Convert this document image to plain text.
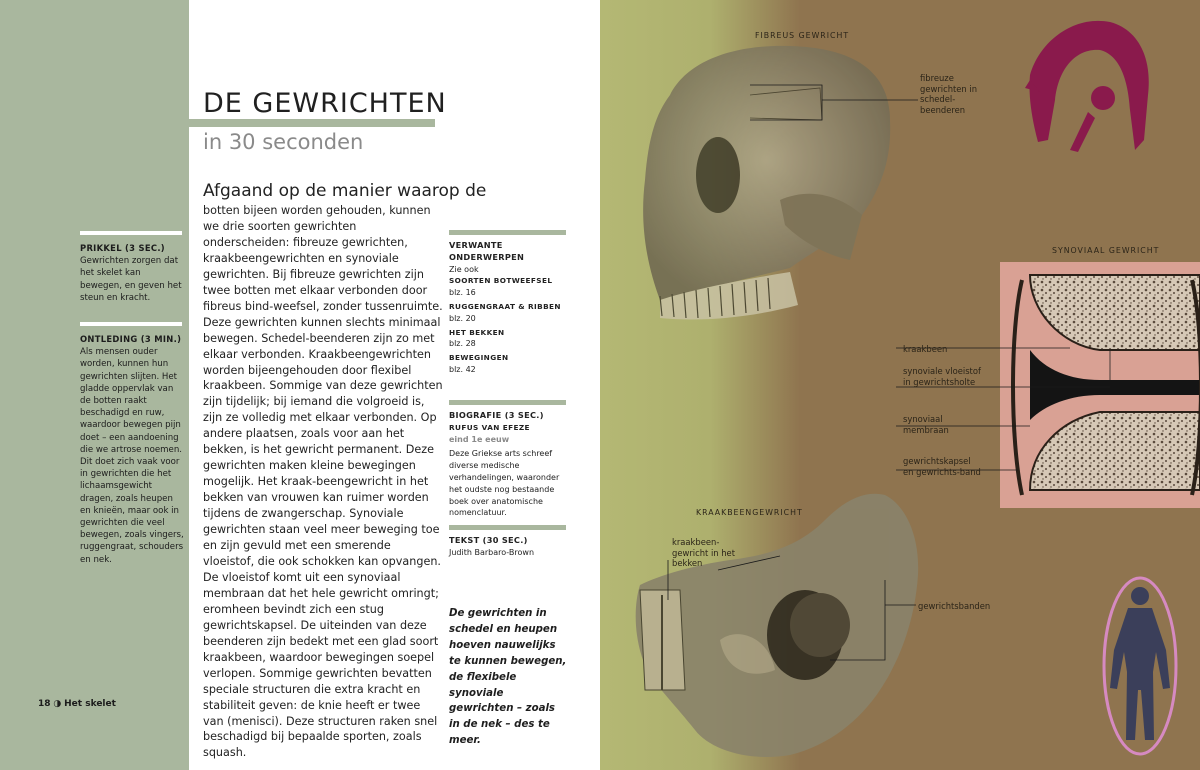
PRIKKEL (3 SEC.)
Gewrichten zorgen dat het skelet kan bewegen, en geven het steun en kracht.
ONTLEDING (3 MIN.)
Als mensen ouder worden, kunnen hun gewrichten slijten. Het gladde oppervlak van de botten raakt beschadigd en ruw, waardoor bewegen pijn doet – een aandoening die we artrose noemen. Dit doet zich vaak voor in gewrichten die het lichaamsgewicht dragen, zoals heupen en knieën, maar ook in gewrichten die veel bewegen, zoals vingers, ruggengraat, schouders en nek.
18 ◑ Het skelet
DE GEWRICHTEN

in 30 seconden

Afgaand op de manier waarop de

botten bijeen worden gehouden, kunnen we drie soorten gewrichten onderscheiden: fibreuze gewrichten, kraakbeengewrichten en synoviale gewrichten. Bij fibreuze gewrichten zijn twee botten met elkaar verbonden door fibreus bind-weefsel, zonder tussenruimte. Deze gewrichten kunnen slechts minimaal bewegen. Schedel-beenderen zijn zo met elkaar verbonden. Kraakbeengewrichten worden bijeengehouden door flexibel kraakbeen. Sommige van deze gewrichten zijn tijdelijk; bij iemand die volgroeid is, zijn ze volledig met elkaar verbonden. Op andere plaatsen, zoals voor aan het bekken, is het gewricht permanent. Deze gewrichten maken kleine bewegingen mogelijk. Het kraak-beengewricht in het bekken van vrouwen kan ruimer worden tijdens de zwangerschap. Synoviale gewrichten staan veel meer beweging toe en zijn gevuld met een smerende vloeistof, die ook schokken kan opvangen. De vloeistof komt uit een synoviaal membraan dat het hele gewricht omringt; eromheen bevindt zich een stug gewrichtskapsel. De uiteinden van deze beenderen zijn bedekt met een glad soort kraakbeen, waardoor bewegingen soepel verlopen. Sommige gewrichten bevatten speciale structuren die extra kracht en stabiliteit geven: de knie heeft er twee van (menisci). Deze structuren raken snel beschadigd bij bepaalde sporten, zoals squash.

VERWANTE ONDERWERPEN
Zie ook
SOORTEN BOTWEEFSEL
blz. 16
RUGGENGRAAT & RIBBEN
blz. 20
HET BEKKEN
blz. 28
BEWEGINGEN
blz. 42
BIOGRAFIE (3 SEC.)
RUFUS VAN EFEZE
eind 1e eeuw
Deze Griekse arts schreef diverse medische verhandelingen, waaronder het oudste nog bestaande boek over anatomische nomenclatuur.
TEKST (30 SEC.)
Judith Barbaro-Brown

De gewrichten in schedel en heupen hoeven nauwelijks te kunnen bewegen, de flexibele synoviale gewrichten – zoals in de nek – des te meer.

FIBREUS GEWRICHT
SYNOVIAAL GEWRICHT
KRAAKBEENGEWRICHT
fibreuze gewrichten in schedel-beenderen
kraakbeen
synoviale vloeistof in gewrichtsholte
synoviaal membraan
gewrichtskapsel en gewrichts-band
kraakbeen-gewricht in het bekken
gewrichtsbanden
